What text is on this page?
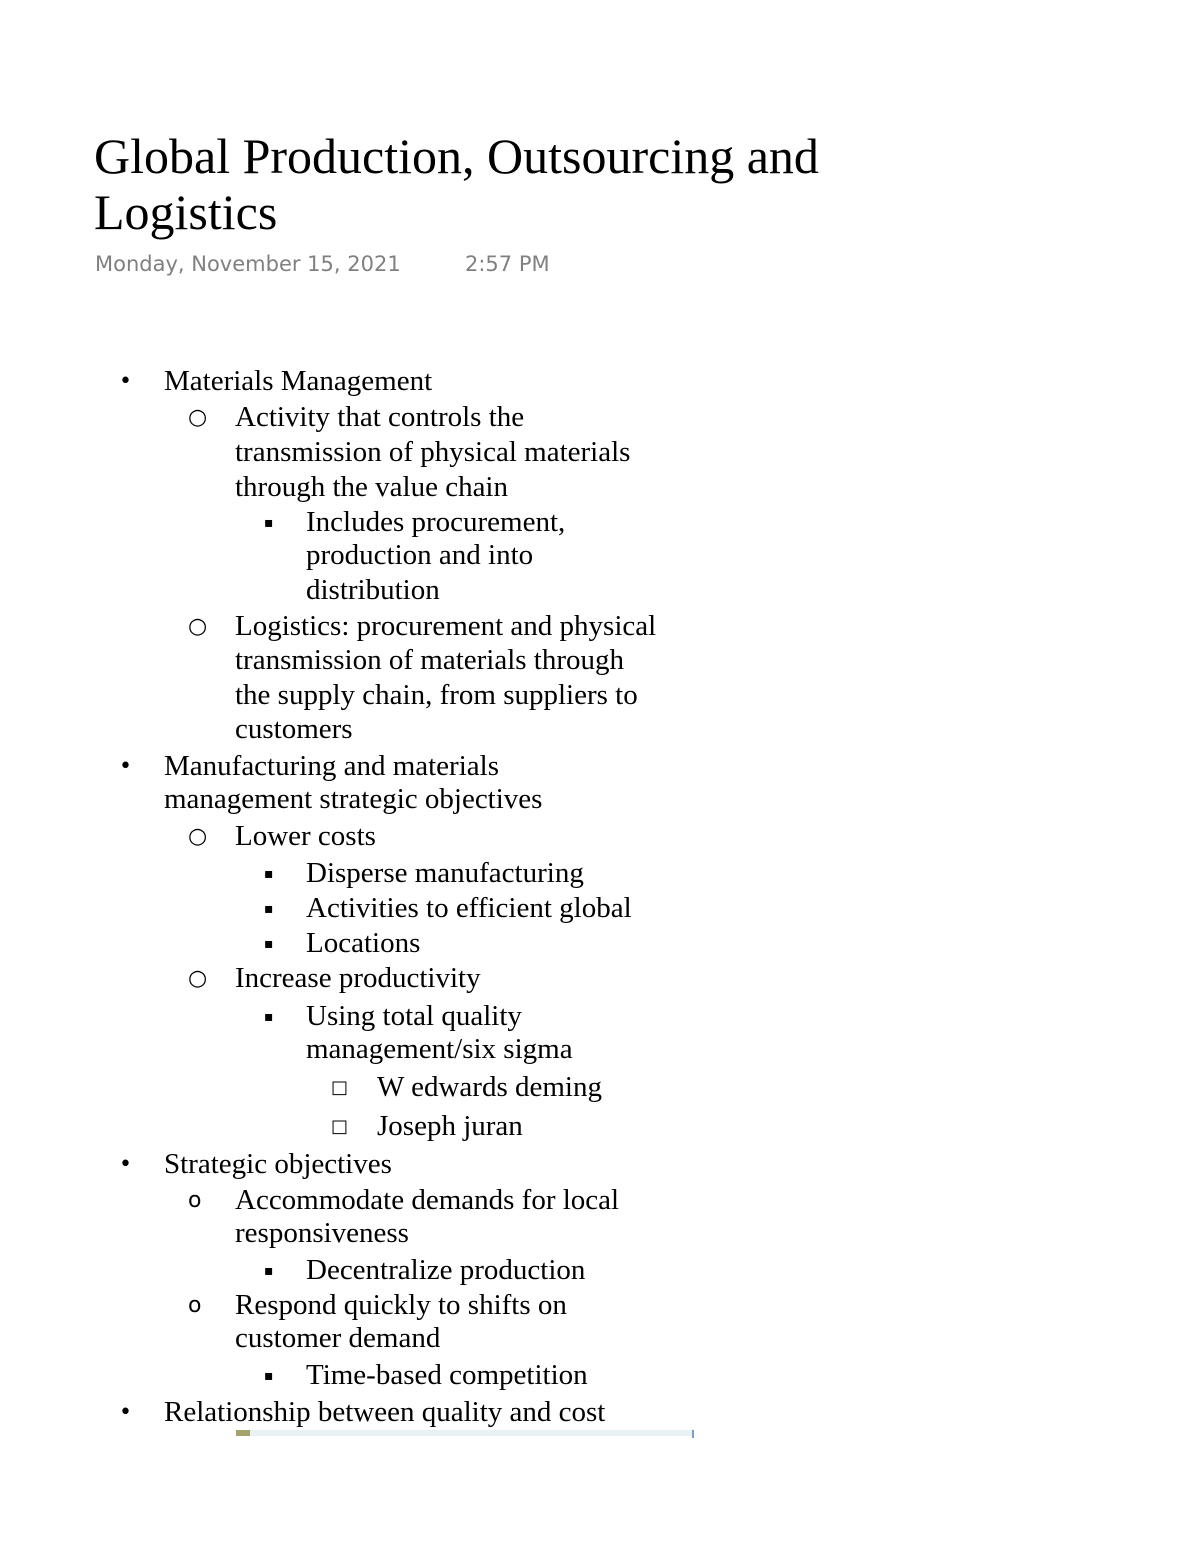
Global Production, Outsourcing and Logistics
Monday, November 15, 2021	2:57 PM
Materials Management
•
Activity that controls the
○
transmission of physical materials
through the value chain
Includes procurement,
▪
production and into
distribution
Logistics: procurement and physical
○
transmission of materials through
the supply chain, from suppliers to
customers
Manufacturing and materials
•
management strategic objectives
Lower costs
○
Disperse manufacturing
▪
Activities to efficient global
▪
Locations
▪
Increase productivity
○
Using total quality
▪
management/six sigma
W edwards deming
□
Joseph juran
□
Strategic objectives
•
Accommodate demands for local
o
responsiveness
Decentralize production
▪
Respond quickly to shifts on
o
customer demand
Time-based competition
▪
Relationship between quality and cost
•
